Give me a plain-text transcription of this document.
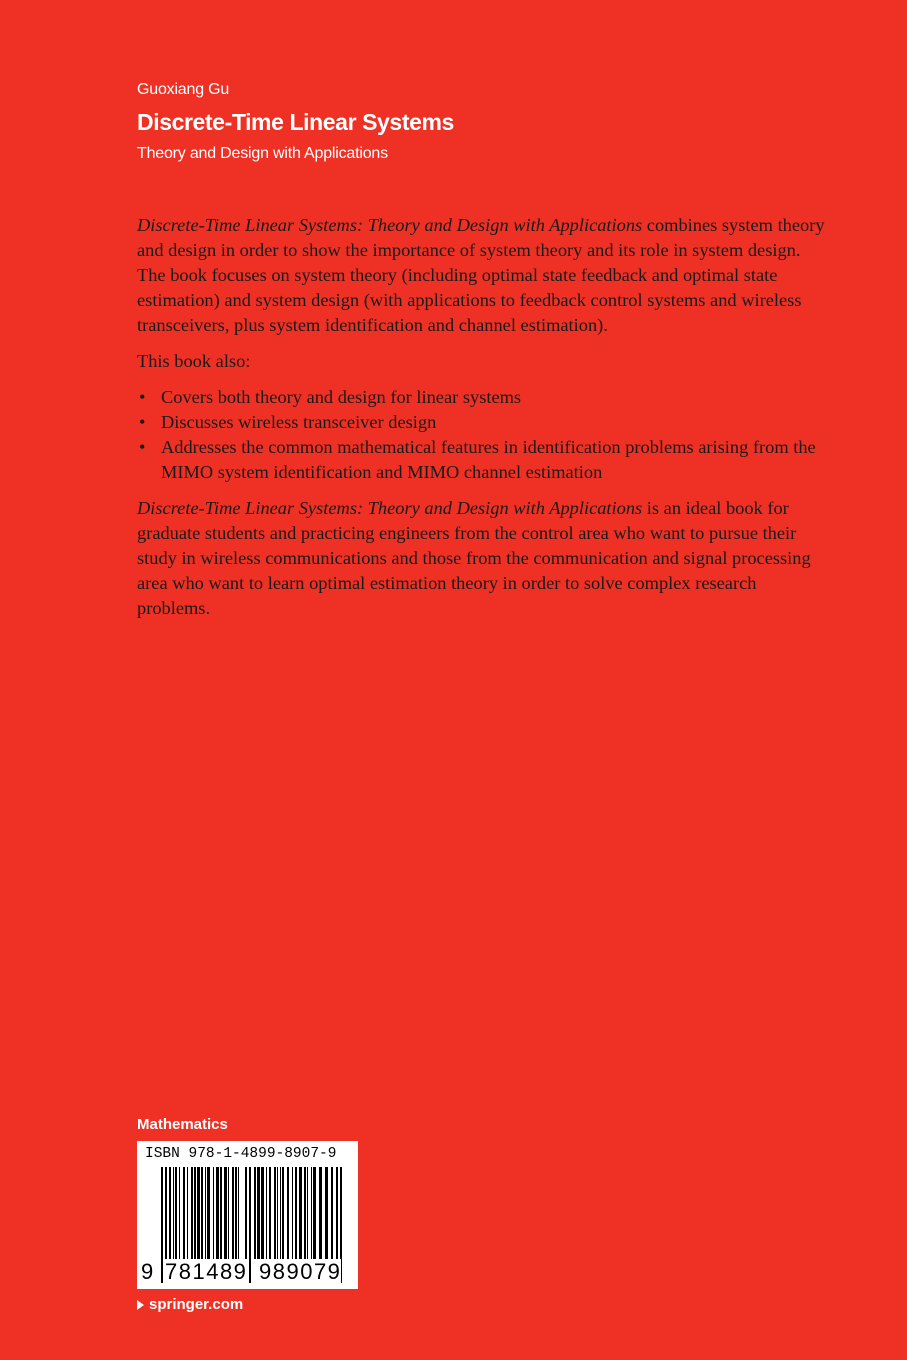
Guoxiang Gu
Discrete-Time Linear Systems
Theory and Design with Applications

Discrete-Time Linear Systems: Theory and Design with Applications combines system theory and design in order to show the importance of system theory and its role in system design. The book focuses on system theory (including optimal state feedback and optimal state estimation) and system design (with applications to feedback control systems and wireless transceivers, plus system identification and channel estimation).

This book also:

• Covers both theory and design for linear systems
• Discusses wireless transceiver design
• Addresses the common mathematical features in identification problems arising from the MIMO system identification and MIMO channel estimation

Discrete-Time Linear Systems: Theory and Design with Applications is an ideal book for graduate students and practicing engineers from the control area who want to pursue their study in wireless communications and those from the communication and signal processing area who want to learn optimal estimation theory in order to solve complex research problems.

Mathematics
ISBN 978-1-4899-8907-9
9 781489 989079
springer.com
